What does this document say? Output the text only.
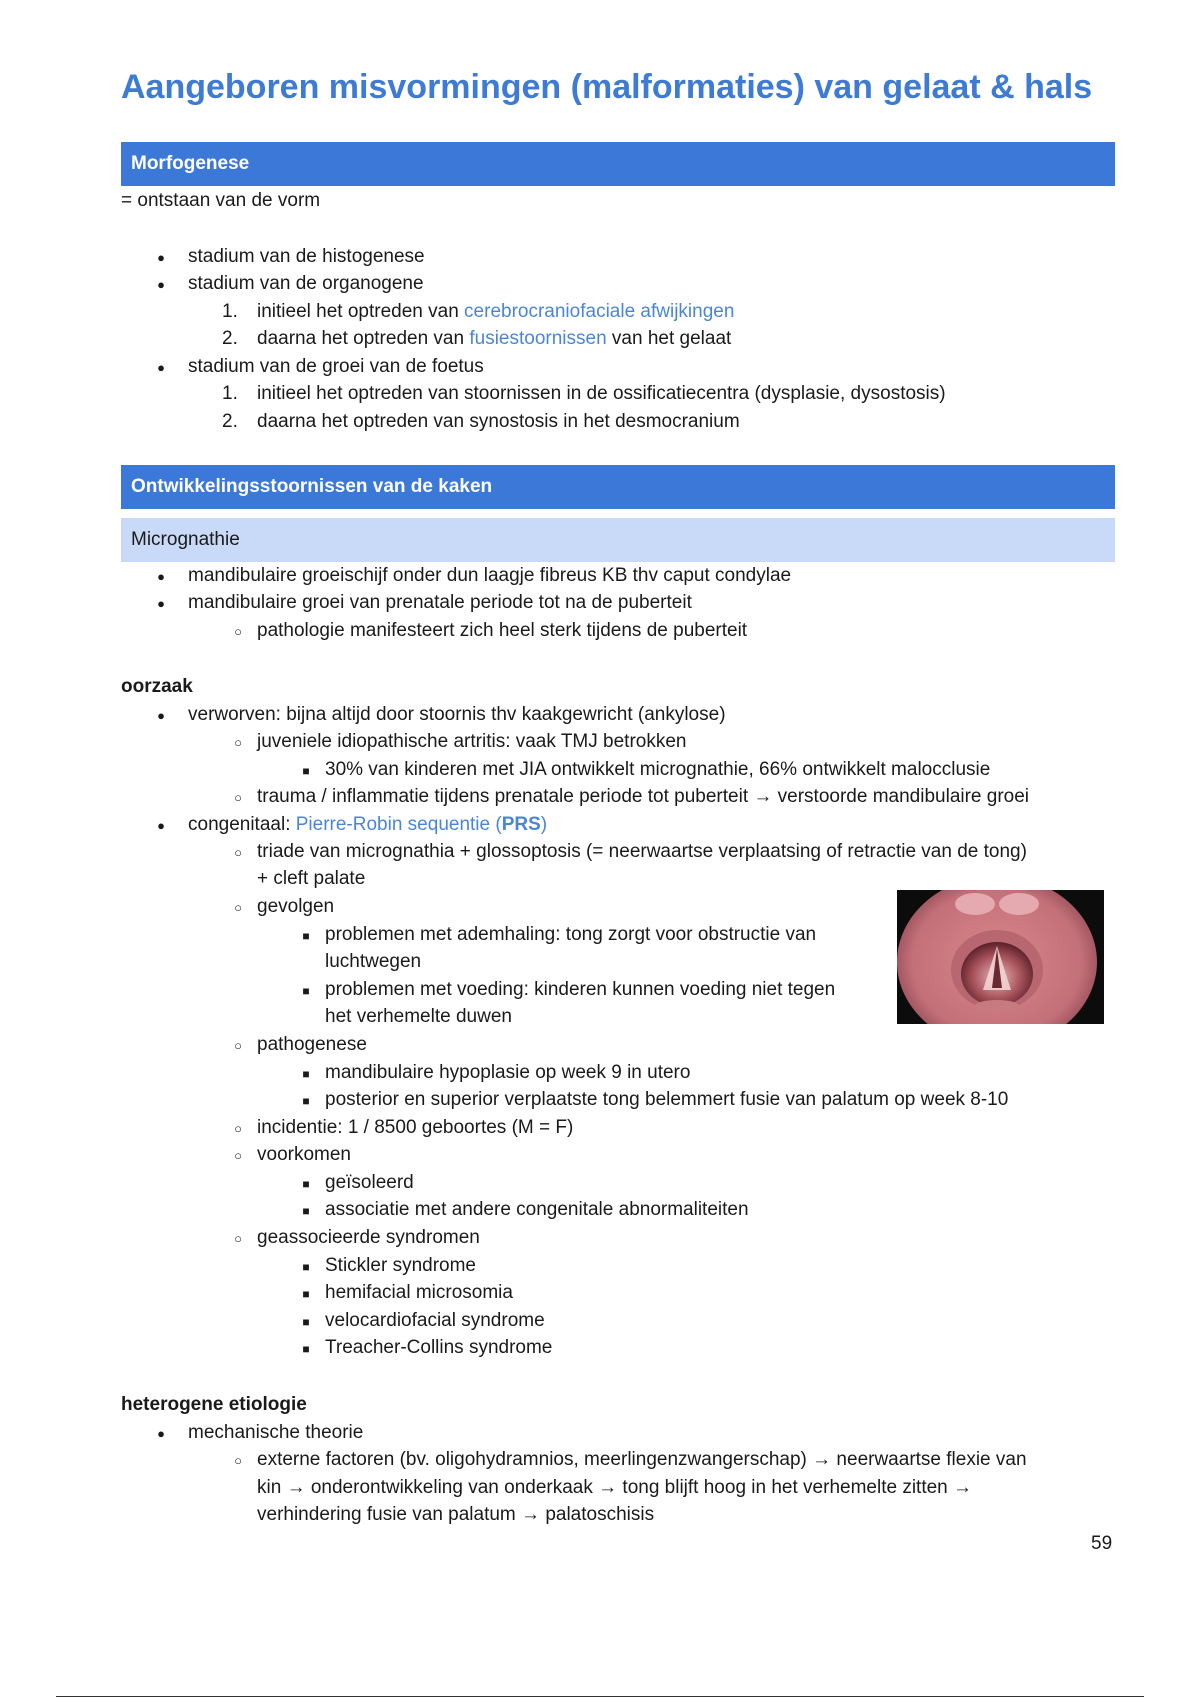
Aangeboren misvormingen (malformaties) van gelaat & hals
Morfogenese
= ontstaan van de vorm
●
stadium van de histogenese
●
stadium van de organogene
1. initieel het optreden van cerebrocraniofaciale afwijkingen
2. daarna het optreden van fusiestoornissen van het gelaat
●
stadium van de groei van de foetus
1. initieel het optreden van stoornissen in de ossificatiecentra (dysplasie, dysostosis)
2. daarna het optreden van synostosis in het desmocranium
Ontwikkelingsstoornissen van de kaken
Micrognathie
●
mandibulaire groeischijf onder dun laagje fibreus KB thv caput condylae
●
mandibulaire groei van prenatale periode tot na de puberteit
○
pathologie manifesteert zich heel sterk tijdens de puberteit
oorzaak
●
verworven: bijna altijd door stoornis thv kaakgewricht (ankylose)
○
juveniele idiopathische artritis: vaak TMJ betrokken
■
30% van kinderen met JIA ontwikkelt micrognathie, 66% ontwikkelt malocclusie
○
trauma / inflammatie tijdens prenatale periode tot puberteit → verstoorde mandibulaire groei
●
congenitaal: Pierre-Robin sequentie (PRS)
○
triade van micrognathia + glossoptosis (= neerwaartse verplaatsing of retractie van de tong)
+ cleft palate
○
gevolgen
■
problemen met ademhaling: tong zorgt voor obstructie van
luchtwegen
■
problemen met voeding: kinderen kunnen voeding niet tegen
het verhemelte duwen
○
pathogenese
■
mandibulaire hypoplasie op week 9 in utero
■
posterior en superior verplaatste tong belemmert fusie van palatum op week 8-10
○
incidentie: 1 / 8500 geboortes (M = F)
○
voorkomen
■
geïsoleerd
■
associatie met andere congenitale abnormaliteiten
○
geassocieerde syndromen
■
Stickler syndrome
■
hemifacial microsomia
■
velocardiofacial syndrome
■
Treacher-Collins syndrome
heterogene etiologie
●
mechanische theorie
○
externe factoren (bv. oligohydramnios, meerlingenzwangerschap) → neerwaartse flexie van
kin → onderontwikkeling van onderkaak → tong blijft hoog in het verhemelte zitten →
verhindering fusie van palatum → palatoschisis
59
